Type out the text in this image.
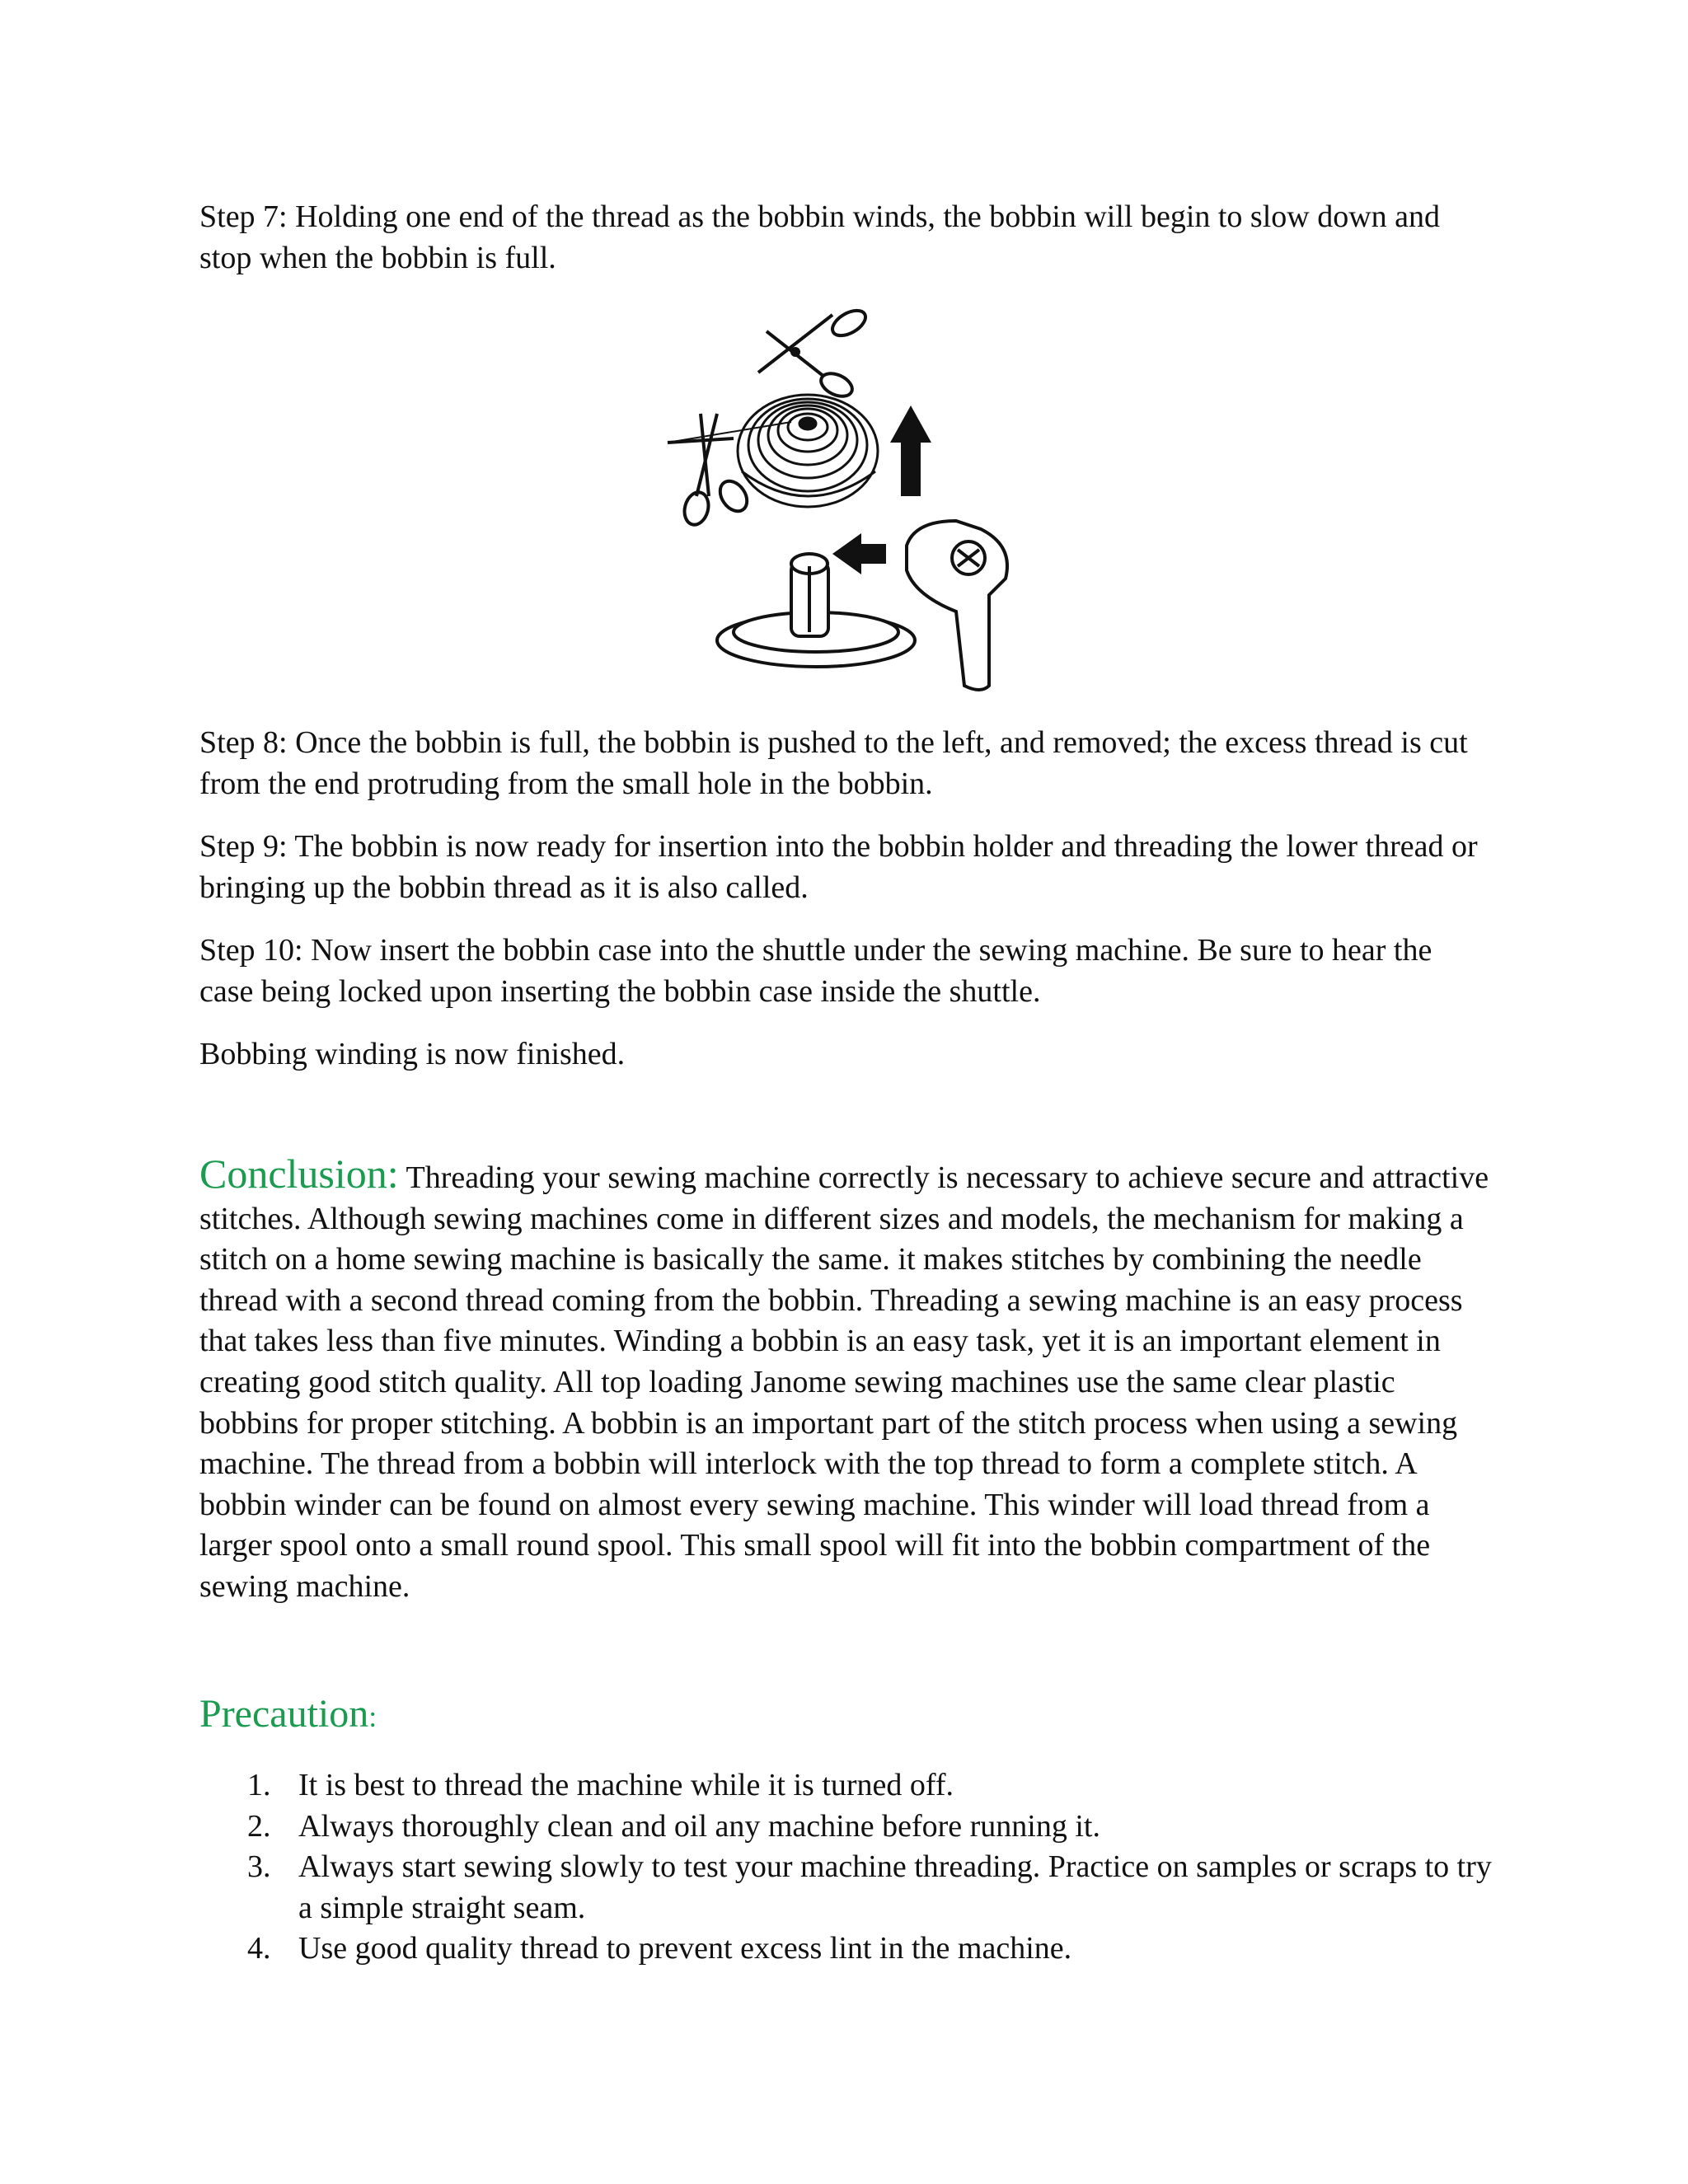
Step 7: Holding one end of the thread as the bobbin winds, the bobbin will begin to slow down and stop when the bobbin is full.

Step 8: Once the bobbin is full, the bobbin is pushed to the left, and removed; the excess thread is cut from the end protruding from the small hole in the bobbin.

Step 9: The bobbin is now ready for insertion into the bobbin holder and threading the lower thread or bringing up the bobbin thread as it is also called.

Step 10: Now insert the bobbin case into the shuttle under the sewing machine. Be sure to hear the case being locked upon inserting the bobbin case inside the shuttle.

Bobbing winding is now finished.

Conclusion: Threading your sewing machine correctly is necessary to achieve secure and attractive stitches. Although sewing machines come in different sizes and models, the mechanism for making a stitch on a home sewing machine is basically the same. it makes stitches by combining the needle thread with a second thread coming from the bobbin. Threading a sewing machine is an easy process that takes less than five minutes. Winding a bobbin is an easy task, yet it is an important element in creating good stitch quality. All top loading Janome sewing machines use the same clear plastic bobbins for proper stitching. A bobbin is an important part of the stitch process when using a sewing machine. The thread from a bobbin will interlock with the top thread to form a complete stitch. A bobbin winder can be found on almost every sewing machine. This winder will load thread from a larger spool onto a small round spool. This small spool will fit into the bobbin compartment of the sewing machine.

Precaution:
1. It is best to thread the machine while it is turned off.
2. Always thoroughly clean and oil any machine before running it.
3. Always start sewing slowly to test your machine threading. Practice on samples or scraps to try a simple straight seam.
4. Use good quality thread to prevent excess lint in the machine.
